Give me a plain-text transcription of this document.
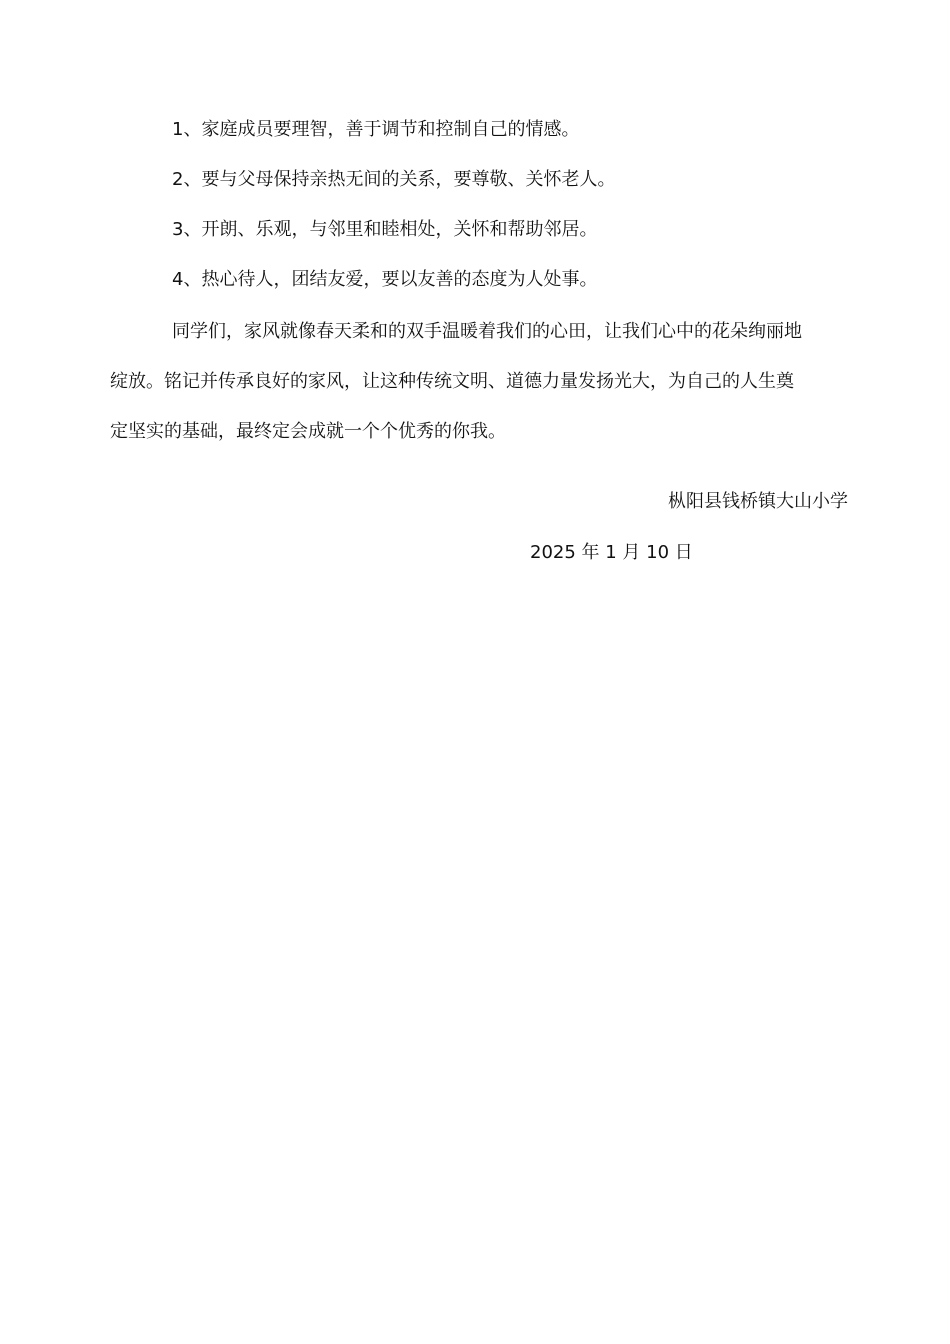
1、家庭成员要理智，善于调节和控制自己的情感。
2、要与父母保持亲热无间的关系，要尊敬、关怀老人。
3、开朗、乐观，与邻里和睦相处，关怀和帮助邻居。
4、热心待人，团结友爱，要以友善的态度为人处事。

同学们，家风就像春天柔和的双手温暖着我们的心田，让我们心中的花朵绚丽地
绽放。铭记并传承良好的家风，让这种传统文明、道德力量发扬光大，为自己的人生奠
定坚实的基础，最终定会成就一个个优秀的你我。

枞阳县钱桥镇大山小学
2025 年 1 月 10 日
